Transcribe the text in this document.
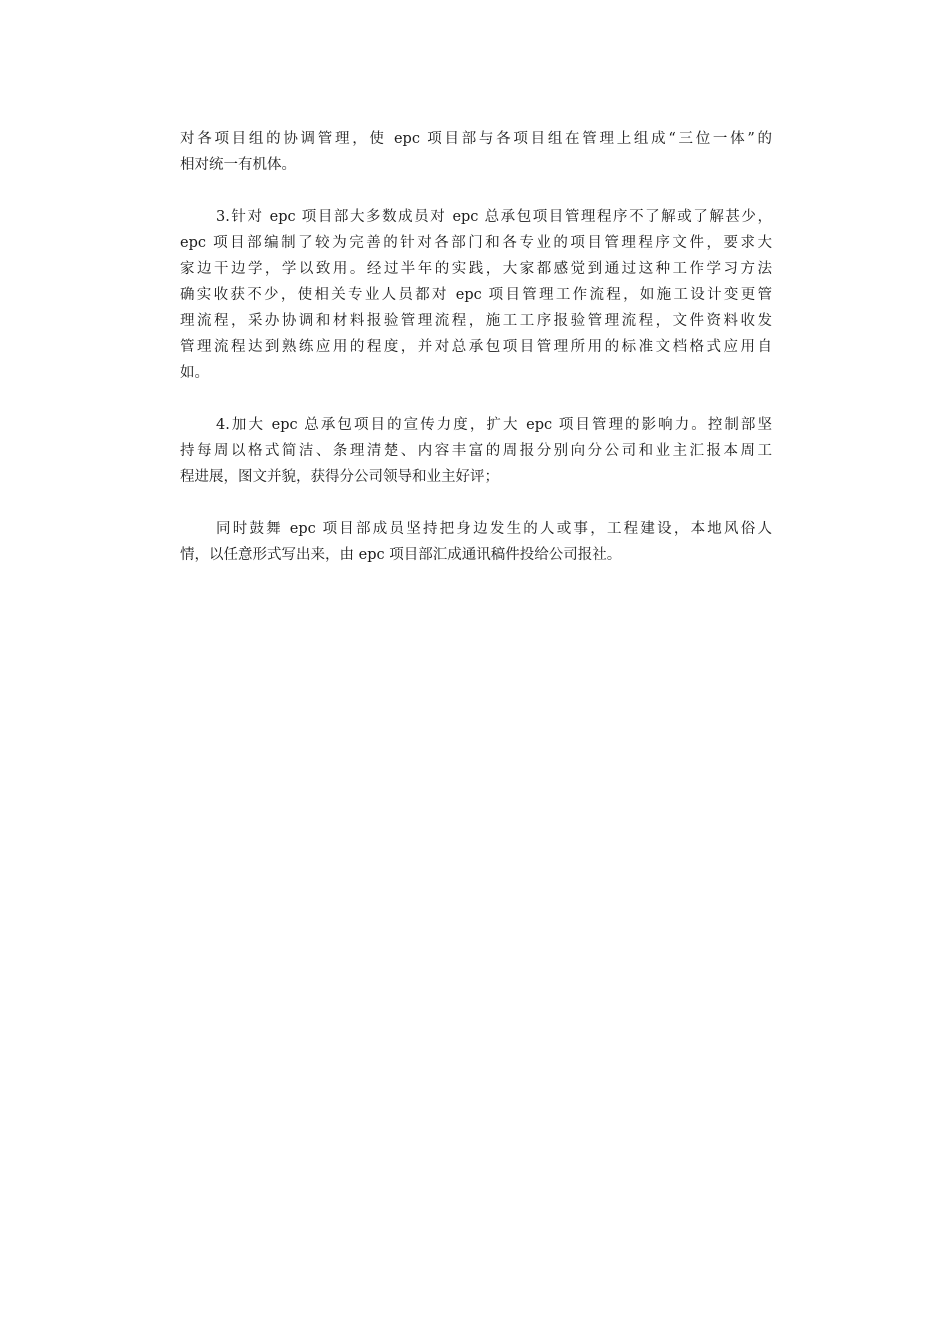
对各项目组的协调管理，使 epc 项目部与各项目组在管理上组成“三位一体”的
相对统一有机体。
3.针对 epc 项目部大多数成员对 epc 总承包项目管理程序不了解或了解甚少，
epc 项目部编制了较为完善的针对各部门和各专业的项目管理程序文件，要求大
家边干边学，学以致用。经过半年的实践，大家都感觉到通过这种工作学习方法
确实收获不少，使相关专业人员都对 epc 项目管理工作流程，如施工设计变更管
理流程，采办协调和材料报验管理流程，施工工序报验管理流程，文件资料收发
管理流程达到熟练应用的程度，并对总承包项目管理所用的标准文档格式应用自
如。
4.加大 epc 总承包项目的宣传力度，扩大 epc 项目管理的影响力。控制部坚
持每周以格式简洁、条理清楚、内容丰富的周报分别向分公司和业主汇报本周工
程进展，图文并貌，获得分公司领导和业主好评；
同时鼓舞 epc 项目部成员坚持把身边发生的人或事，工程建设，本地风俗人
情，以任意形式写出来，由 epc 项目部汇成通讯稿件投给公司报社。
